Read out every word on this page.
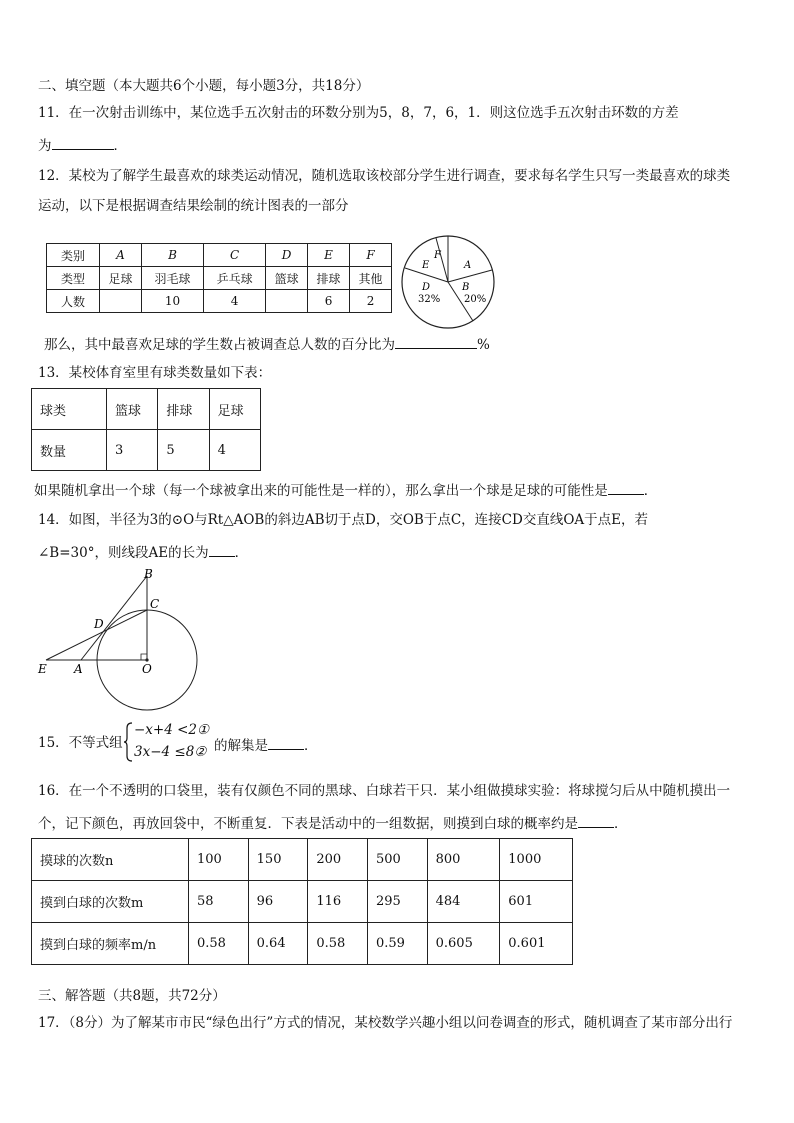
二、填空题（本大题共6个小题，每小题3分，共18分）
11．在一次射击训练中，某位选手五次射击的环数分别为5，8，7，6，1．则这位选手五次射击环数的方差
为	．
12．某校为了解学生最喜欢的球类运动情况，随机选取该校部分学生进行调查，要求每名学生只写一类最喜欢的球类
运动，以下是根据调查结果绘制的统计图表的一部分
类别	A	B	C	D	E	F
类型	足球	羽毛球	乒乓球	篮球	排球	其他
人数		10	4		6	2
F
E	A
B
20%
D
32%
那么，其中最喜欢足球的学生数占被调查总人数的百分比为	%
13．某校体育室里有球类数量如下表：
球类	篮球	排球	足球
数量	3	5	4
如果随机拿出一个球（每一个球被拿出来的可能性是一样的），那么拿出一个球是足球的可能性是	．
14．如图，半径为3的⊙O与Rt△AOB的斜边AB切于点D，交OB于点C，连接CD交直线OA于点E，若
∠B=30°，则线段AE的长为 ．
B
C
D
E A	O
15．不等式组
−x+4 <2①
3x−4 ≤8② 的解集是	．
16．在一个不透明的口袋里，装有仅颜色不同的黑球、白球若干只．某小组做摸球实验：将球搅匀后从中随机摸出一
个，记下颜色，再放回袋中，不断重复．下表是活动中的一组数据，则摸到白球的概率约是	．
摸球的次数n	100	150	200	500	800	1000
摸到白球的次数m	58	96	116	295	484	601
摸到白球的频率m/n	0.58	0.64	0.58	0.59	0.605	0.601
三、解答题（共8题，共72分）
17．（8分）为了解某市市民“绿色出行”方式的情况，某校数学兴趣小组以问卷调查的形式，随机调查了某市部分出行
